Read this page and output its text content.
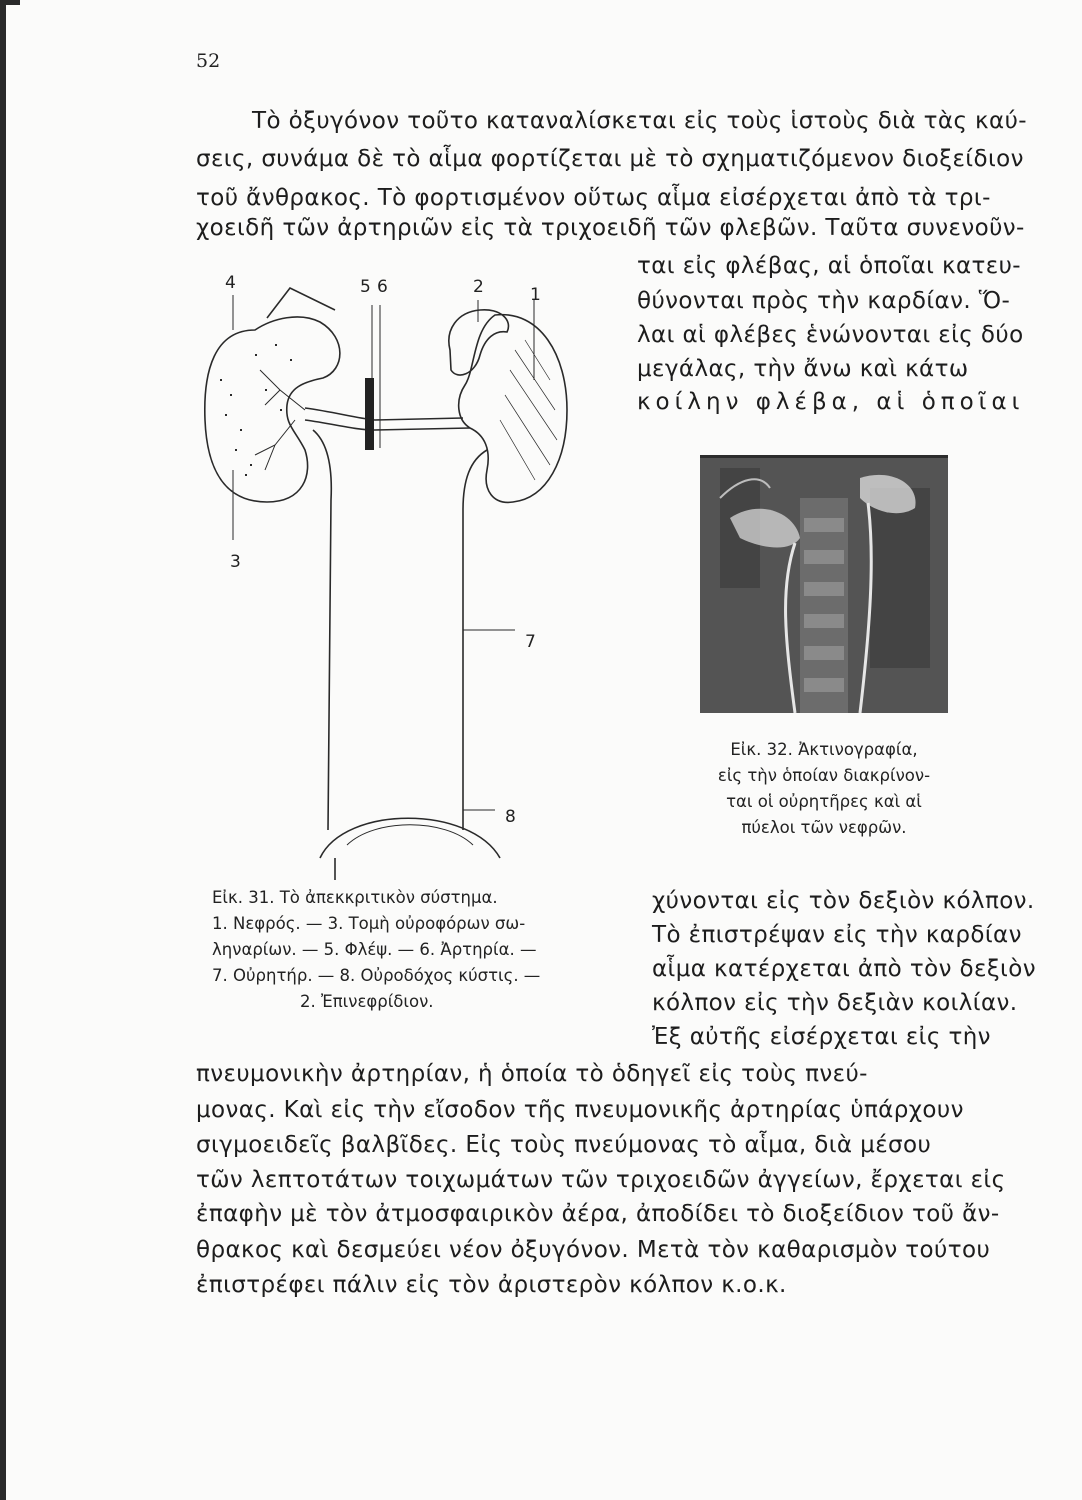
52
Τὸ ὀξυγόνον τοῦτο καταναλίσκεται εἰς τοὺς ἱστοὺς διὰ τὰς καύ-
σεις, συνάμα δὲ τὸ αἷμα φορτίζεται μὲ τὸ σχηματιζόμενον διοξείδιον
τοῦ ἄνθρακος. Τὸ φορτισμένον οὕτως αἷμα εἰσέρχεται ἀπὸ τὰ τρι-
χοειδῆ τῶν ἀρτηριῶν εἰς τὰ τριχοειδῆ τῶν φλεβῶν. Ταῦτα συνενοῦν-
ται εἰς φλέβας, αἱ ὁποῖαι κατευ-
θύνονται πρὸς τὴν καρδίαν. Ὅ-
λαι αἱ φλέβες ἑνώνονται εἰς δύο
μεγάλας, τὴν ἄνω καὶ κάτω
κοίλην φλέβα, αἱ ὁποῖαι
4	5 6	2	1
3
7
8
Εἰκ. 31. Τὸ ἀπεκκριτικὸν σύστημα.
1. Νεφρός. — 3. Τομὴ οὐροφόρων σω-
ληναρίων. — 5. Φλέψ. — 6. Ἀρτηρία. —
7. Οὐρητήρ. — 8. Οὐροδόχος κύστις. —
2. Ἐπινεφρίδιον.
Εἰκ. 32. Ἀκτινογραφία,
εἰς τὴν ὁποίαν διακρίνον-
ται οἱ οὐρητῆρες καὶ αἱ
πύελοι τῶν νεφρῶν.
χύνονται εἰς τὸν δεξιὸν κόλπον.
Τὸ ἐπιστρέψαν εἰς τὴν καρδίαν
αἷμα κατέρχεται ἀπὸ τὸν δεξιὸν
κόλπον εἰς τὴν δεξιὰν κοιλίαν.
Ἐξ αὐτῆς εἰσέρχεται εἰς τὴν
πνευμονικὴν ἀρτηρίαν, ἡ ὁποία τὸ ὁδηγεῖ εἰς τοὺς πνεύ-
μονας. Καὶ εἰς τὴν εἴσοδον τῆς πνευμονικῆς ἀρτηρίας ὑπάρχουν
σιγμοειδεῖς βαλβῖδες. Εἰς τοὺς πνεύμονας τὸ αἷμα, διὰ μέσου
τῶν λεπτοτάτων τοιχωμάτων τῶν τριχοειδῶν ἀγγείων, ἔρχεται εἰς
ἐπαφὴν μὲ τὸν ἀτμοσφαιρικὸν ἀέρα, ἀποδίδει τὸ διοξείδιον τοῦ ἄν-
θρακος καὶ δεσμεύει νέον ὀξυγόνον. Μετὰ τὸν καθαρισμὸν τούτου
ἐπιστρέφει πάλιν εἰς τὸν ἀριστερὸν κόλπον κ.ο.κ.
